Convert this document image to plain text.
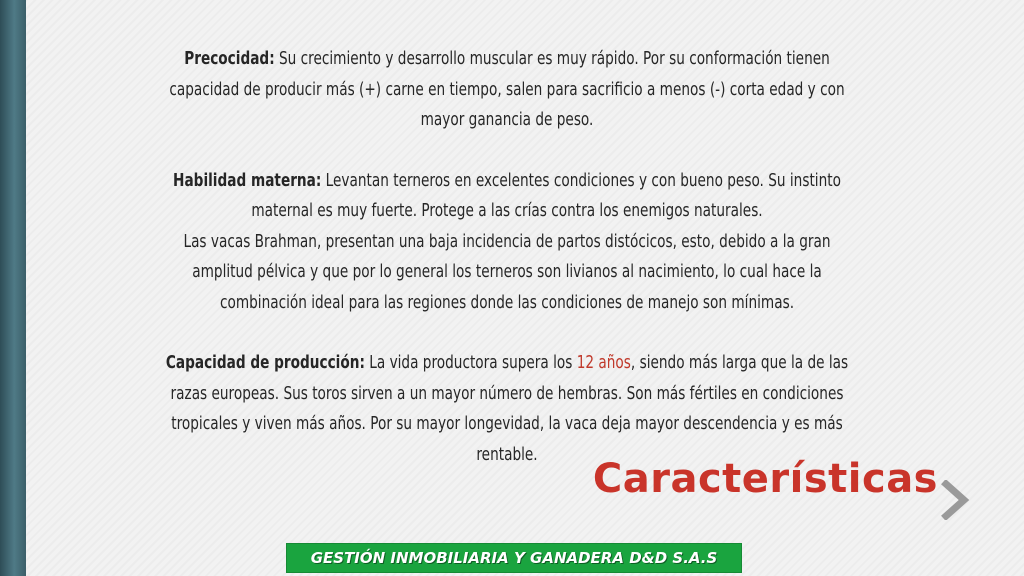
Precocidad: Su crecimiento y desarrollo muscular es muy rápido. Por su conformación tienen capacidad de producir más (+) carne en tiempo, salen para sacrificio a menos (-) corta edad y con mayor ganancia de peso.

Habilidad materna: Levantan terneros en excelentes condiciones y con bueno peso. Su instinto maternal es muy fuerte. Protege a las crías contra los enemigos naturales.

Las vacas Brahman, presentan una baja incidencia de partos distócicos, esto, debido a la gran amplitud pélvica y que por lo general los terneros son livianos al nacimiento, lo cual hace la combinación ideal para las regiones donde las condiciones de manejo son mínimas.

Capacidad de producción: La vida productora supera los 12 años, siendo más larga que la de las razas europeas. Sus toros sirven a un mayor número de hembras. Son más fértiles en condiciones tropicales y viven más años. Por su mayor longevidad, la vaca deja mayor descendencia y es más rentable.

Características
GESTIÓN INMOBILIARIA Y GANADERA D&D S.A.S
